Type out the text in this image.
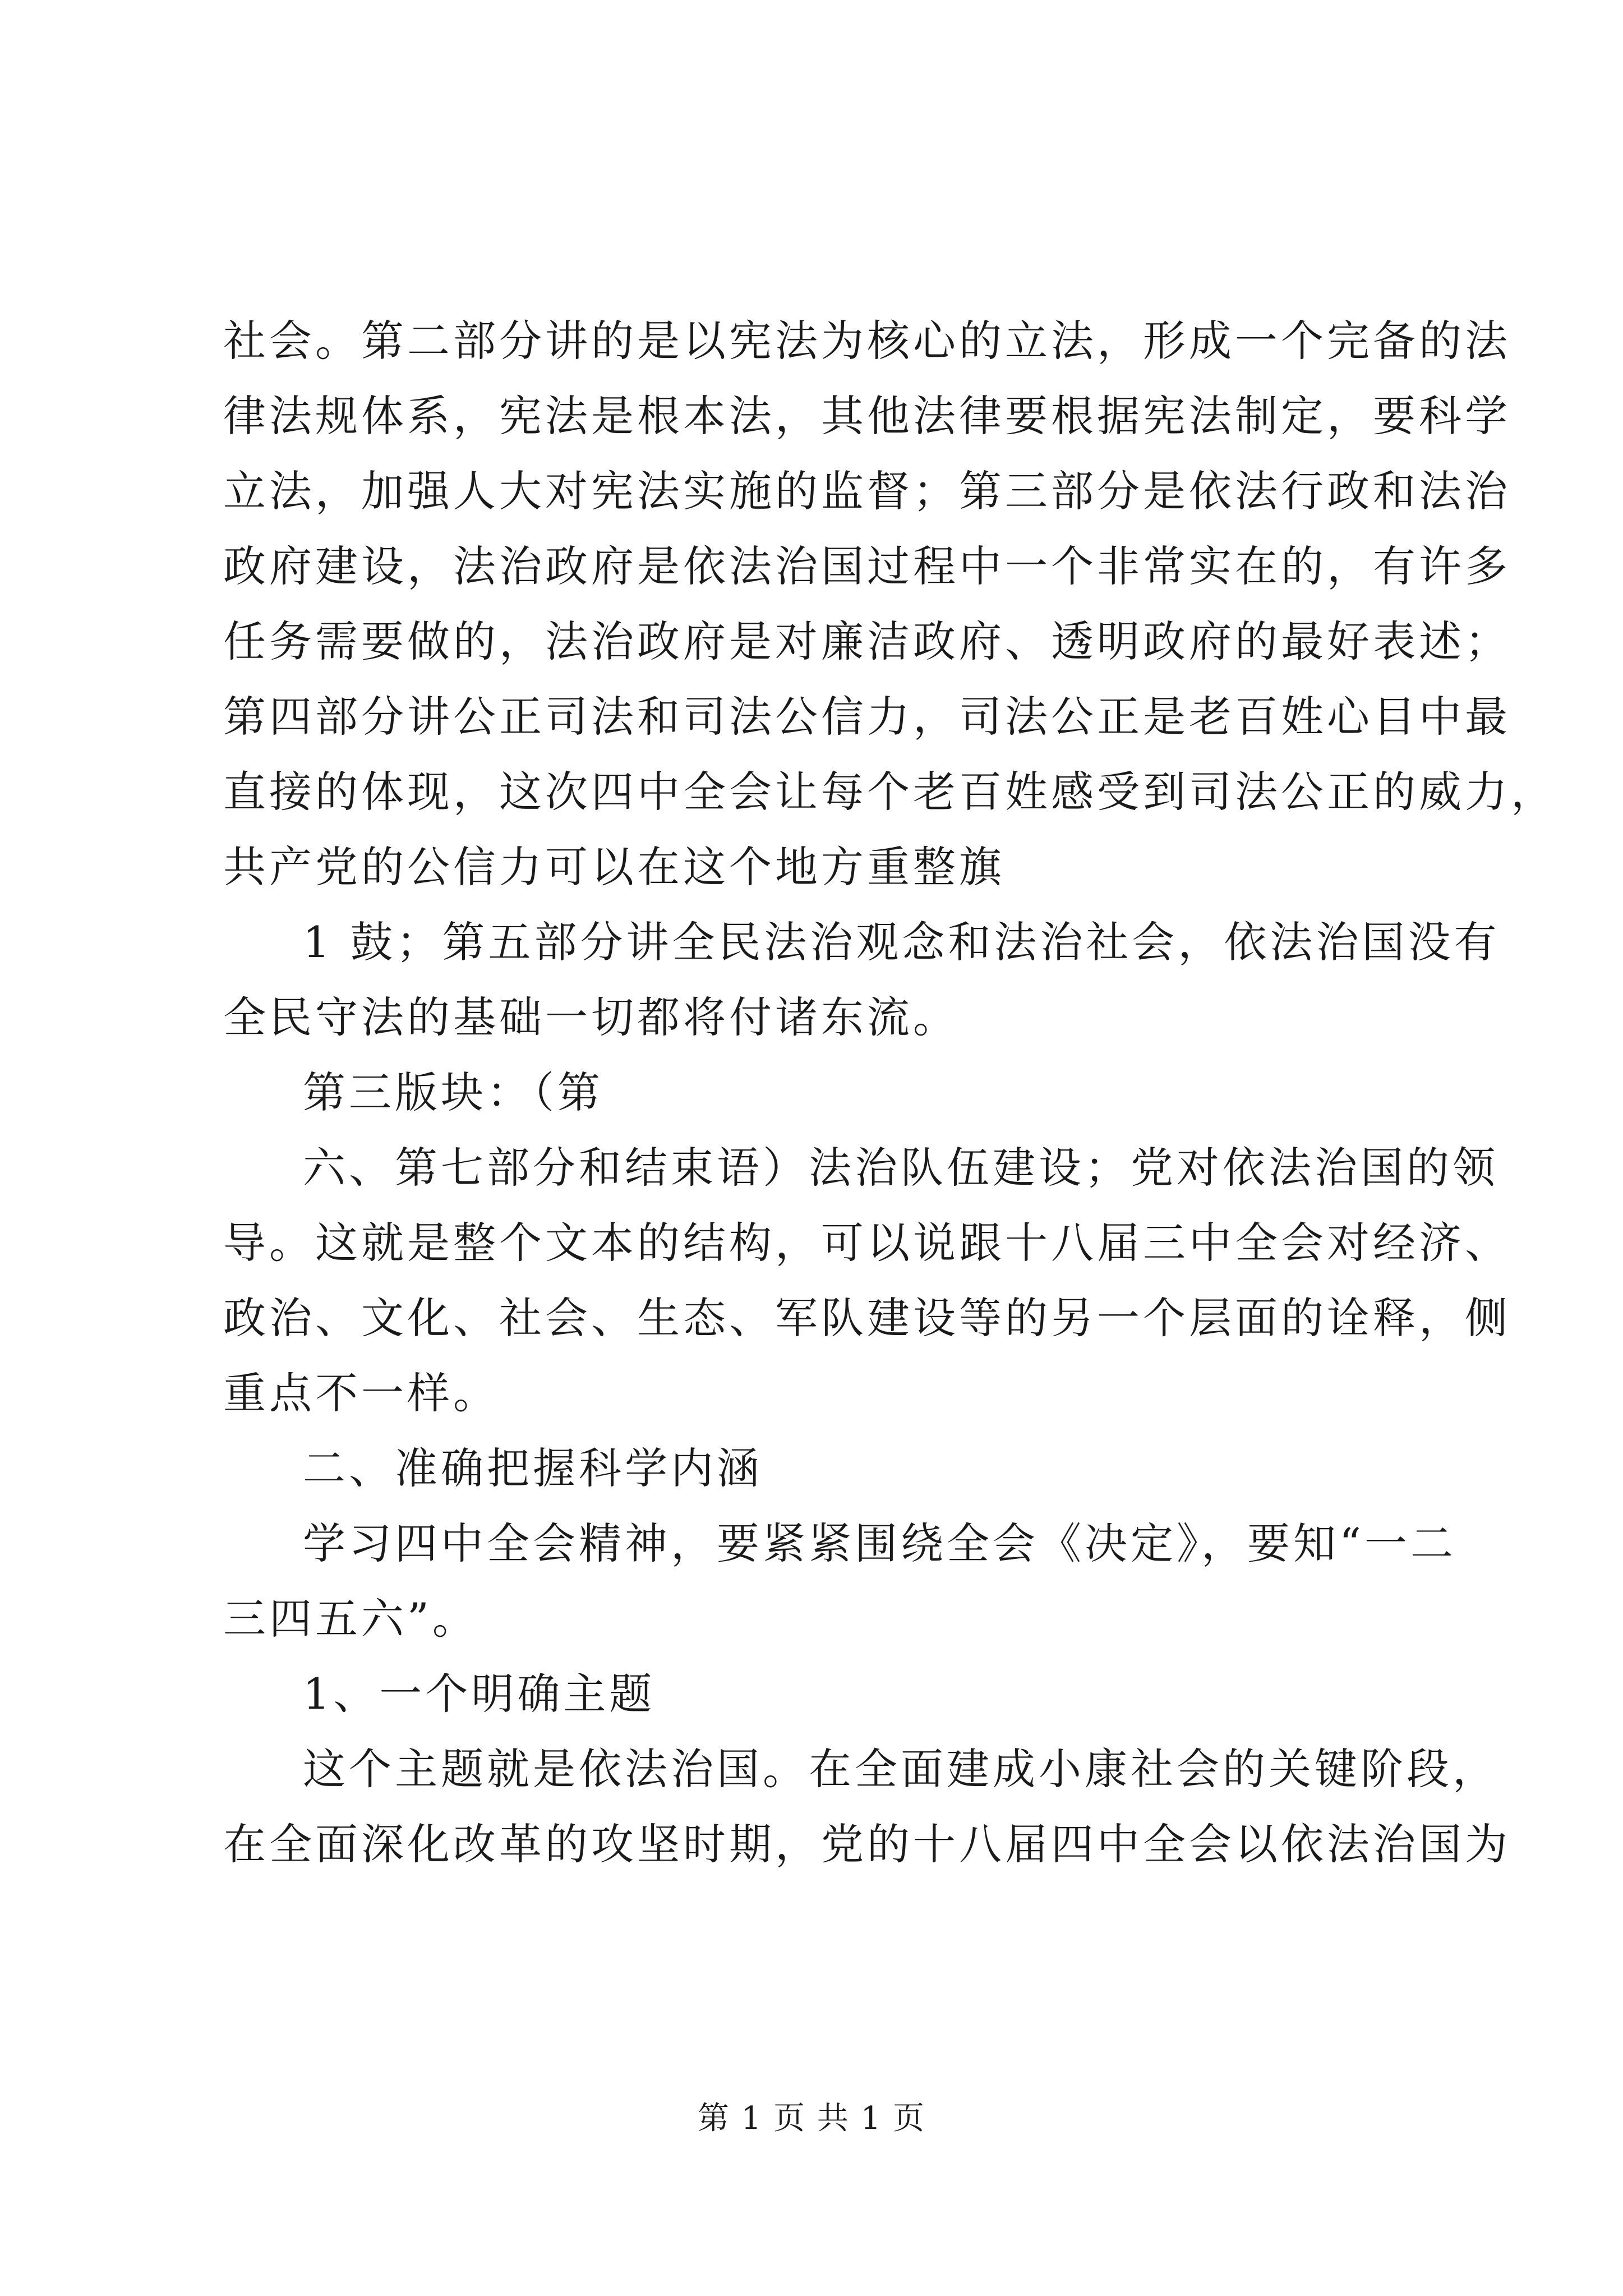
社会。第二部分讲的是以宪法为核心的立法，形成一个完备的法
律法规体系，宪法是根本法，其他法律要根据宪法制定，要科学
立法，加强人大对宪法实施的监督；第三部分是依法行政和法治
政府建设，法治政府是依法治国过程中一个非常实在的，有许多
任务需要做的，法治政府是对廉洁政府、透明政府的最好表述；
第四部分讲公正司法和司法公信力，司法公正是老百姓心目中最
直接的体现，这次四中全会让每个老百姓感受到司法公正的威力，
共产党的公信力可以在这个地方重整旗
1 鼓；第五部分讲全民法治观念和法治社会，依法治国没有
全民守法的基础一切都将付诸东流。
第三版块：（第
六、第七部分和结束语）法治队伍建设；党对依法治国的领
导。这就是整个文本的结构，可以说跟十八届三中全会对经济、
政治、文化、社会、生态、军队建设等的另一个层面的诠释，侧
重点不一样。
二、准确把握科学内涵
学习四中全会精神，要紧紧围绕全会《决定》，要知“一二
三四五六”。
1、一个明确主题
这个主题就是依法治国。在全面建成小康社会的关键阶段，
在全面深化改革的攻坚时期，党的十八届四中全会以依法治国为
第 1 页 共 1 页
